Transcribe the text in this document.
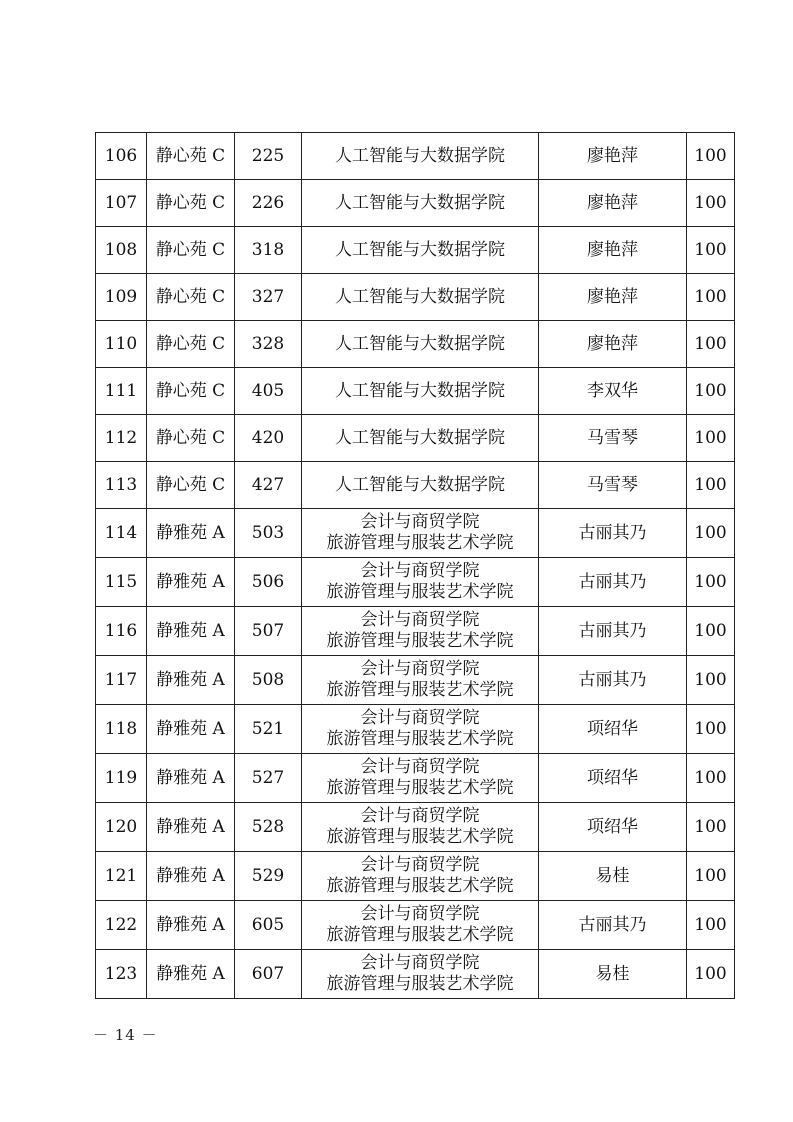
106	静心苑 C	225	人工智能与大数据学院	廖艳萍	100
107	静心苑 C	226	人工智能与大数据学院	廖艳萍	100
108	静心苑 C	318	人工智能与大数据学院	廖艳萍	100
109	静心苑 C	327	人工智能与大数据学院	廖艳萍	100
110	静心苑 C	328	人工智能与大数据学院	廖艳萍	100
111	静心苑 C	405	人工智能与大数据学院	李双华	100
112	静心苑 C	420	人工智能与大数据学院	马雪琴	100
113	静心苑 C	427	人工智能与大数据学院	马雪琴	100
114	静雅苑 A	503	会计与商贸学院
旅游管理与服装艺术学院	古丽其乃	100
115	静雅苑 A	506	会计与商贸学院
旅游管理与服装艺术学院	古丽其乃	100
116	静雅苑 A	507	会计与商贸学院
旅游管理与服装艺术学院	古丽其乃	100
117	静雅苑 A	508	会计与商贸学院
旅游管理与服装艺术学院	古丽其乃	100
118	静雅苑 A	521	会计与商贸学院
旅游管理与服装艺术学院	项绍华	100
119	静雅苑 A	527	会计与商贸学院
旅游管理与服装艺术学院	项绍华	100
120	静雅苑 A	528	会计与商贸学院
旅游管理与服装艺术学院	项绍华	100
121	静雅苑 A	529	会计与商贸学院
旅游管理与服装艺术学院	易桂	100
122	静雅苑 A	605	会计与商贸学院
旅游管理与服装艺术学院	古丽其乃	100
123	静雅苑 A	607	会计与商贸学院
旅游管理与服装艺术学院	易桂	100
－ 14 －
